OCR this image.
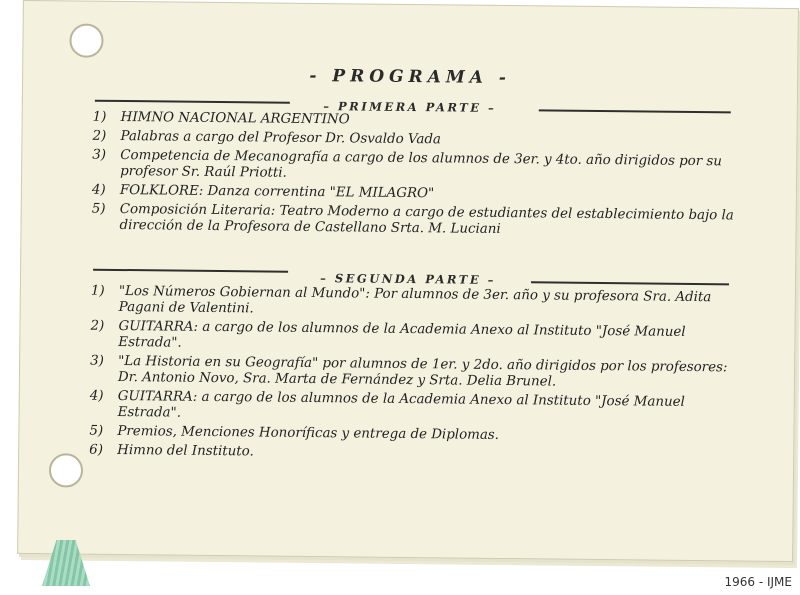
- PROGRAMA -
– PRIMERA PARTE –
1)	HIMNO NACIONAL ARGENTINO
2)	Palabras a cargo del Profesor Dr. Osvaldo Vada
3)	Competencia de Mecanografía a cargo de los alumnos de 3er. y 4to. año dirigidos por su profesor Sr. Raúl Priotti.
4)	FOLKLORE: Danza correntina "EL MILAGRO"
5)	Composición Literaria: Teatro Moderno a cargo de estudiantes del establecimiento bajo la dirección de la Profesora de Castellano Srta. M. Luciani
– SEGUNDA PARTE –
1)	"Los Números Gobiernan al Mundo": Por alumnos de 3er. año y su profesora Sra. Adita Pagani de Valentini.
2)	GUITARRA: a cargo de los alumnos de la Academia Anexo al Instituto "José Manuel Estrada".
3)	"La Historia en su Geografía" por alumnos de 1er. y 2do. año dirigidos por los profesores: Dr. Antonio Novo, Sra. Marta de Fernández y Srta. Delia Brunel.
4)	GUITARRA: a cargo de los alumnos de la Academia Anexo al Instituto "José Manuel Estrada".
5)	Premios, Menciones Honoríficas y entrega de Diplomas.
6)	Himno del Instituto.
1966 - IJME
